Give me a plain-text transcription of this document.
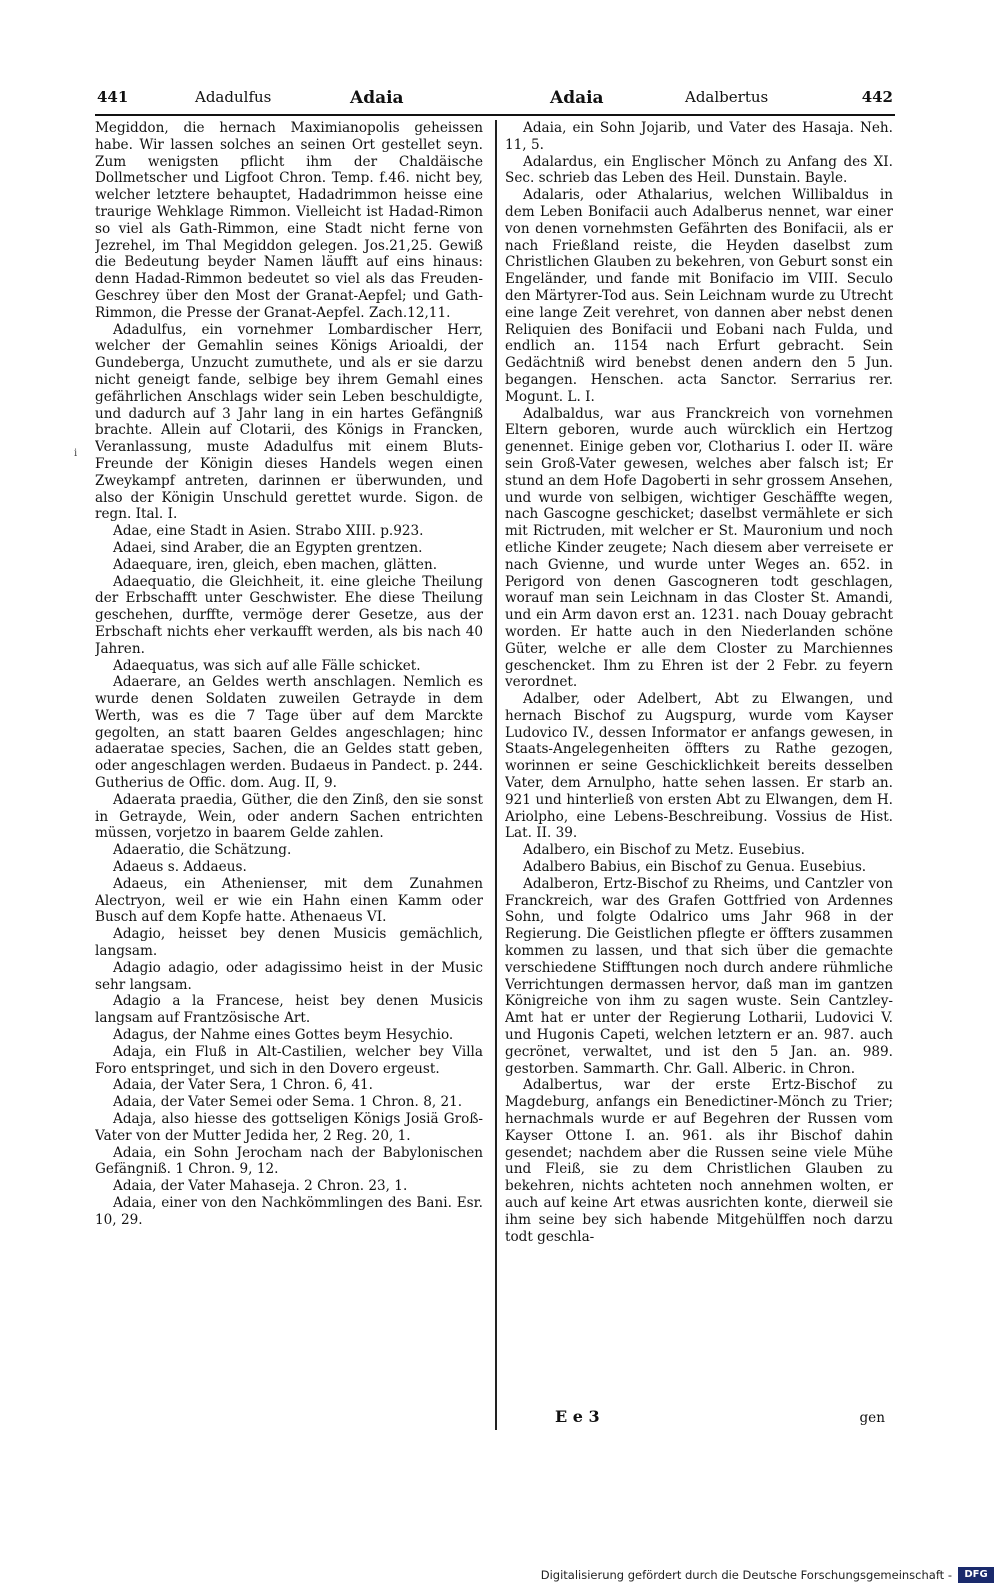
441	Adadulfus	Adaia	Adaia	Adalbertus	442

Megiddon, die hernach Maximianopolis geheissen habe. Wir lassen solches an seinen Ort gestellet seyn. Zum wenigsten pflicht ihm der Chaldäische Dollmetscher und Ligfoot Chron. Temp. f.46. nicht bey, welcher letztere behauptet, Hadadrimmon heisse eine traurige Wehklage Rimmon. Vielleicht ist Hadad-Rimon so viel als Gath-Rimmon, eine Stadt nicht ferne von Jezrehel, im Thal Megiddon gelegen. Jos.21,25. Gewiß die Bedeutung beyder Namen läufft auf eins hinaus: denn Hadad-Rimmon bedeutet so viel als das Freuden-Geschrey über den Most der Granat-Aepfel; und Gath-Rimmon, die Presse der Granat-Aepfel. Zach.12,11.

Adadulfus, ein vornehmer Lombardischer Herr, welcher der Gemahlin seines Königs Arioaldi, der Gundeberga, Unzucht zumuthete, und als er sie darzu nicht geneigt fande, selbige bey ihrem Gemahl eines gefährlichen Anschlags wider sein Leben beschuldigte, und dadurch auf 3 Jahr lang in ein hartes Gefängniß brachte. Allein auf Clotarii, des Königs in Francken, Veranlassung, muste Adadulfus mit einem Bluts-Freunde der Königin dieses Handels wegen einen Zweykampf antreten, darinnen er überwunden, und also der Königin Unschuld gerettet wurde. Sigon. de regn. Ital. I.

Adae, eine Stadt in Asien. Strabo XIII. p.923.

Adaei, sind Araber, die an Egypten grentzen.

Adaequare, iren, gleich, eben machen, glätten.

Adaequatio, die Gleichheit, it. eine gleiche Theilung der Erbschafft unter Geschwister. Ehe diese Theilung geschehen, durffte, vermöge derer Gesetze, aus der Erbschaft nichts eher verkaufft werden, als bis nach 40 Jahren.

Adaequatus, was sich auf alle Fälle schicket.

Adaerare, an Geldes werth anschlagen. Nemlich es wurde denen Soldaten zuweilen Getrayde in dem Werth, was es die 7 Tage über auf dem Marckte gegolten, an statt baaren Geldes angeschlagen; hinc adaeratae species, Sachen, die an Geldes statt geben, oder angeschlagen werden. Budaeus in Pandect. p. 244. Gutherius de Offic. dom. Aug. II, 9.

Adaerata praedia, Güther, die den Zinß, den sie sonst in Getrayde, Wein, oder andern Sachen entrichten müssen, vorjetzo in baarem Gelde zahlen.

Adaeratio, die Schätzung.

Adaeus s. Addaeus.

Adaeus, ein Athenienser, mit dem Zunahmen Alectryon, weil er wie ein Hahn einen Kamm oder Busch auf dem Kopfe hatte. Athenaeus VI.

Adagio, heisset bey denen Musicis gemächlich, langsam.

Adagio adagio, oder adagissimo heist in der Music sehr langsam.

Adagio a la Francese, heist bey denen Musicis langsam auf Frantzösische Art.

Adagus, der Nahme eines Gottes beym Hesychio.

Adaja, ein Fluß in Alt-Castilien, welcher bey Villa Foro entspringet, und sich in den Dovero ergeust.

Adaia, der Vater Sera, 1 Chron. 6, 41.

Adaia, der Vater Semei oder Sema. 1 Chron. 8, 21.

Adaja, also hiesse des gottseligen Königs Josiä Groß-Vater von der Mutter Jedida her, 2 Reg. 20, 1.

Adaia, ein Sohn Jerocham nach der Babylonischen Gefängniß. 1 Chron. 9, 12.

Adaia, der Vater Mahaseja. 2 Chron. 23, 1.

Adaia, einer von den Nachkömmlingen des Bani. Esr. 10, 29.

Adaia, ein Sohn Jojarib, und Vater des Hasaja. Neh. 11, 5.

Adalardus, ein Englischer Mönch zu Anfang des XI. Sec. schrieb das Leben des Heil. Dunstain. Bayle.

Adalaris, oder Athalarius, welchen Willibaldus in dem Leben Bonifacii auch Adalberus nennet, war einer von denen vornehmsten Gefährten des Bonifacii, als er nach Frießland reiste, die Heyden daselbst zum Christlichen Glauben zu bekehren, von Geburt sonst ein Engeländer, und fande mit Bonifacio im VIII. Seculo den Märtyrer-Tod aus. Sein Leichnam wurde zu Utrecht eine lange Zeit verehret, von dannen aber nebst denen Reliquien des Bonifacii und Eobani nach Fulda, und endlich an. 1154 nach Erfurt gebracht. Sein Gedächtniß wird benebst denen andern den 5 Jun. begangen. Henschen. acta Sanctor. Serrarius rer. Mogunt. L. I.

Adalbaldus, war aus Franckreich von vornehmen Eltern geboren, wurde auch würcklich ein Hertzog genennet. Einige geben vor, Clotharius I. oder II. wäre sein Groß-Vater gewesen, welches aber falsch ist; Er stund an dem Hofe Dagoberti in sehr grossem Ansehen, und wurde von selbigen, wichtiger Geschäffte wegen, nach Gascogne geschicket; daselbst vermählete er sich mit Rictruden, mit welcher er St. Mauronium und noch etliche Kinder zeugete; Nach diesem aber verreisete er nach Gvienne, und wurde unter Weges an. 652. in Perigord von denen Gascogneren todt geschlagen, worauf man sein Leichnam in das Closter St. Amandi, und ein Arm davon erst an. 1231. nach Douay gebracht worden. Er hatte auch in den Niederlanden schöne Güter, welche er alle dem Closter zu Marchiennes geschencket. Ihm zu Ehren ist der 2 Febr. zu feyern verordnet.

Adalber, oder Adelbert, Abt zu Elwangen, und hernach Bischof zu Augspurg, wurde vom Kayser Ludovico IV., dessen Informator er anfangs gewesen, in Staats-Angelegenheiten öffters zu Rathe gezogen, worinnen er seine Geschicklichkeit bereits desselben Vater, dem Arnulpho, hatte sehen lassen. Er starb an. 921 und hinterließ von ersten Abt zu Elwangen, dem H. Ariolpho, eine Lebens-Beschreibung. Vossius de Hist. Lat. II. 39.

Adalbero, ein Bischof zu Metz. Eusebius.

Adalbero Babius, ein Bischof zu Genua. Eusebius.

Adalberon, Ertz-Bischof zu Rheims, und Cantzler von Franckreich, war des Grafen Gottfried von Ardennes Sohn, und folgte Odalrico ums Jahr 968 in der Regierung. Die Geistlichen pflegte er öffters zusammen kommen zu lassen, und that sich über die gemachte verschiedene Stifftungen noch durch andere rühmliche Verrichtungen dermassen hervor, daß man im gantzen Königreiche von ihm zu sagen wuste. Sein Cantzley-Amt hat er unter der Regierung Lotharii, Ludovici V. und Hugonis Capeti, welchen letztern er an. 987. auch gecrönet, verwaltet, und ist den 5 Jan. an. 989. gestorben. Sammarth. Chr. Gall. Alberic. in Chron.

Adalbertus, war der erste Ertz-Bischof zu Magdeburg, anfangs ein Benedictiner-Mönch zu Trier; hernachmals wurde er auf Begehren der Russen vom Kayser Ottone I. an. 961. als ihr Bischof dahin gesendet; nachdem aber die Russen seine viele Mühe und Fleiß, sie zu dem Christlichen Glauben zu bekehren, nichts achteten noch annehmen wolten, er auch auf keine Art etwas ausrichten konte, dierweil sie ihm seine bey sich habende Mitgehülffen noch darzu todt geschla-

E e 3	gen
i
Digitalisierung gefördert durch die Deutsche Forschungsgemeinschaft -	DFG
